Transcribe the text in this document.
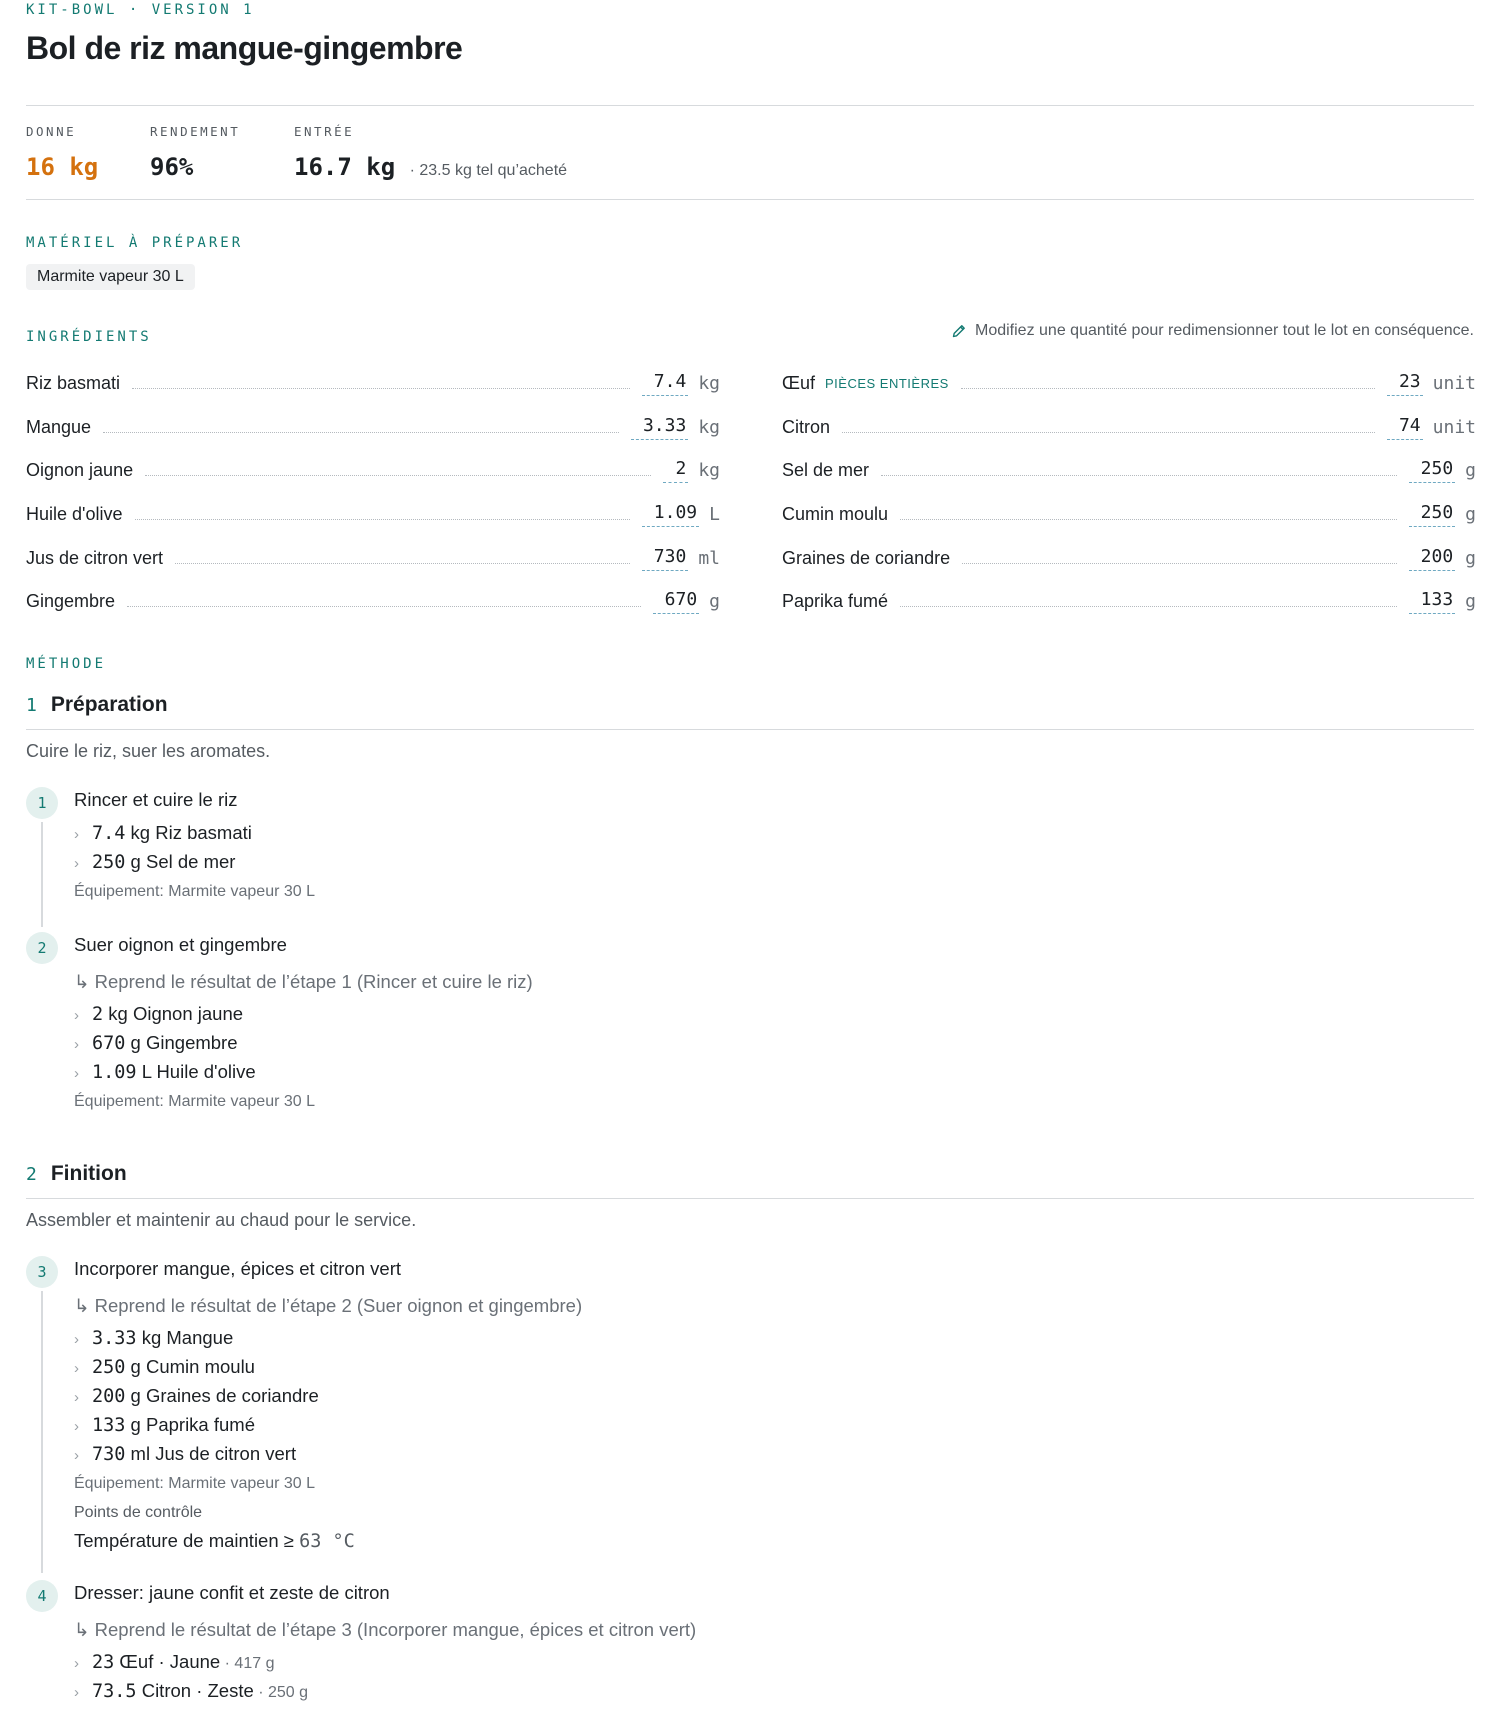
KIT-BOWL · VERSION 1
Bol de riz mangue-gingembre
DONNE
16 kg
RENDEMENT
96%
ENTRÉE
16.7 kg · 23.5 kg tel qu’acheté
MATÉRIEL À PRÉPARER
Marmite vapeur 30 L
INGRÉDIENTS	Modifiez une quantité pour redimensionner tout le lot en conséquence.
Riz basmati	7.4 kg
Mangue	3.33 kg
Oignon jaune	2 kg
Huile d'olive	1.09 L
Jus de citron vert	730 ml
Gingembre	670 g
Œuf PIÈCES ENTIÈRES	23 unit
Citron	74 unit
Sel de mer	250 g
Cumin moulu	250 g
Graines de coriandre	200 g
Paprika fumé	133 g
MÉTHODE
1 Préparation
Cuire le riz, suer les aromates.
1	Rincer et cuire le riz
› 7.4 kg Riz basmati
› 250 g Sel de mer
Équipement: Marmite vapeur 30 L
2	Suer oignon et gingembre
↳ Reprend le résultat de l’étape 1 (Rincer et cuire le riz)
› 2 kg Oignon jaune
› 670 g Gingembre
› 1.09 L Huile d'olive
Équipement: Marmite vapeur 30 L
2 Finition
Assembler et maintenir au chaud pour le service.
3	Incorporer mangue, épices et citron vert
↳ Reprend le résultat de l’étape 2 (Suer oignon et gingembre)
› 3.33 kg Mangue
› 250 g Cumin moulu
› 200 g Graines de coriandre
› 133 g Paprika fumé
› 730 ml Jus de citron vert
Équipement: Marmite vapeur 30 L
Points de contrôle
Température de maintien ≥ 63 °C
4	Dresser: jaune confit et zeste de citron
↳ Reprend le résultat de l’étape 3 (Incorporer mangue, épices et citron vert)
› 23 Œuf · Jaune · 417 g
› 73.5 Citron · Zeste · 250 g
